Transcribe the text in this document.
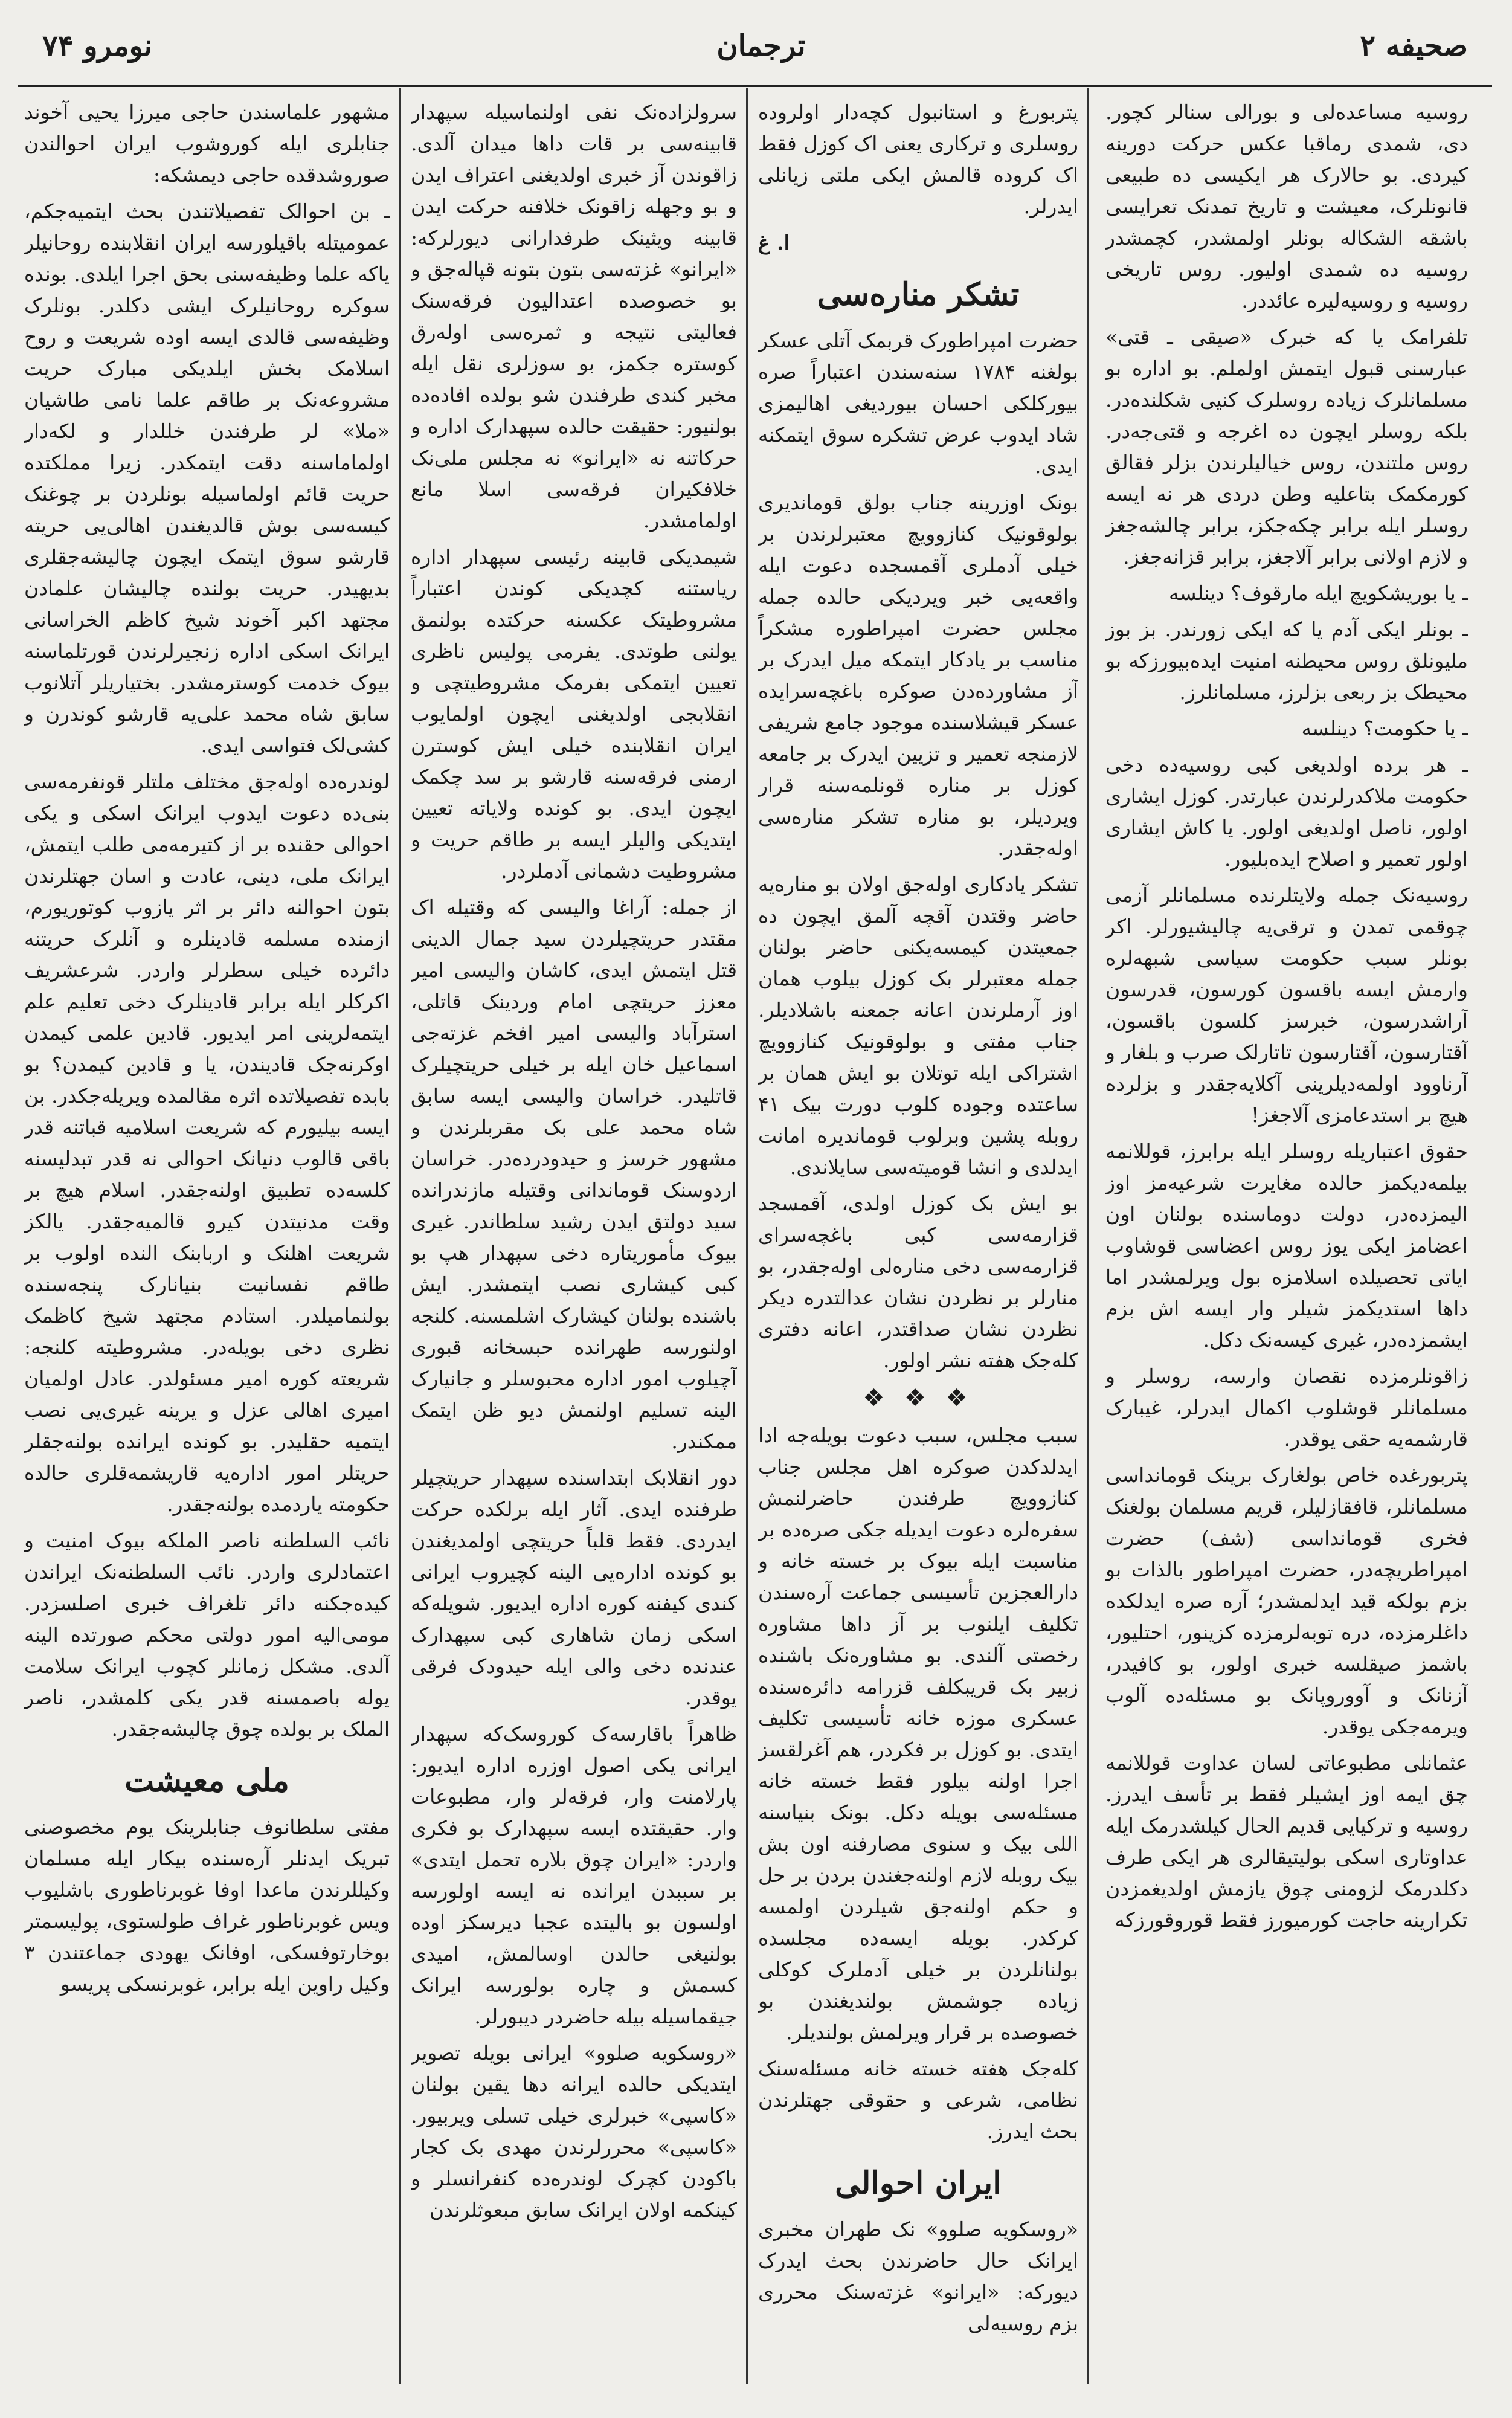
نومرو ۷۴	ترجمان	صحيفه ۲

روسیه مساعده‌لی و بورالی سنالر کچور. دی، شمدی رماقبا عکس حرکت دورینه کیردی. بو حالارک هر ایکیسی ده طبیعی قانونلرک، معیشت و تاریخ تمدنک تعرایسی باشقه الشکاله بونلر اولمشدر، کچمشدر روسیه ده شمدی اولیور. روس تاریخی روسیه و روسیه‌لیره عائددر.

تلفرامک یا که خبرک «صیقی ـ قتی» عبارسنی قبول ایتمش اولملم. بو اداره بو مسلمانلرک زیاده روسلرک کنیی شکلنده‌در. بلکه روسلر ایچون ده اغرجه و قتی‌جه‌در. روس ملتندن، روس خیالیلرندن بزلر فقالق کورمکمک بتاعلیه وطن دردی هر نه ایسه روسلر ایله برابر چکه‌جکز، برابر چالشه‌جغز و لازم اولانی برابر آلاجغز، برابر قزانه‌جغز.

ـ یا بوریشکویچ ایله مارقوف؟ دینلسه

ـ بونلر ایکی آدم یا که ایکی زورندر. بز بوز ملیونلق روس محیطنه امنیت ایده‌بیورزکه بو محیطک بز ربعی بزلرز، مسلمانلرز.

ـ یا حکومت؟ دینلسه

ـ هر برده اولدیغی کبی روسیه‌ده دخی حکومت ملاکدرلرندن عبارتدر. کوزل ایشاری اولور، ناصل اولدیغی اولور. یا کاش ایشاری اولور تعمیر و اصلاح ایده‌بلیور.

روسیه‌نک جمله ولایتلرنده مسلمانلر آزمی چوقمی تمدن و ترقی‌یه چالیشیورلر. اکر بونلر سبب حکومت سیاسی شبهه‌لره وارمش ایسه باقسون کورسون، قدرسون آراشدرسون، خبرسز کلسون باقسون، آقتارسون، آقتارسون تاتارلک صرب و بلغار و آرناوود اولمه‌دیلرینی آکلایه‌جقدر و بزلرده هیچ بر استدعا‌مزی آلاجغز!

حقوق اعتباریله روسلر ایله برابرز، قوللانمه بیلمه‌دیکمز حالده مغایرت شرعیه‌مز اوز الیمزده‌در، دولت دوماسنده بولنان اون اعضامز ایکی یوز روس اعضاسی قوشاوب ایاتی تحصیلده اسلامزه بول ویرلمشدر اما داها استدیکمز شیلر وار ایسه اش بزم ایشمزده‌در، غیری کیسه‌نک دکل.

زاقونلرمزده نقصان وارسه، روسلر و مسلمانلر قوشلوب اکمال ایدرلر، غیبارک قارشمه‌یه حقی یوقدر.

پتربورغده خاص بولغارک برینک قومانداسی مسلمانلر، قافقازلیلر، قریم مسلمان بولغنک فخری قومانداسی (شف) حضرت امپراطریچه‌در، حضرت امپراطور بالذات بو بزم بولکه قید ایدلمشدر؛ آره صره ایدلکده داغلرمزده، دره توبه‌لرمزده کزینور، احتلیور، باشمز صیقلسه خبری اولور، بو کافیدر، آزنانک و آووروپانک بو مسئله‌ده آلوب ویرمه‌جکی یوقدر.

عثمانلی مطبوعاتی لسان عداوت قوللانمه چق ایمه اوز ایشیلر فقط بر تأسف ایدرز. روسیه و ترکیا‌یی قدیم الحال کیلشدرمک ایله عداوتاری اسکی بولیتیقالری هر ایکی طرف دکلدرمک لزومنی چوق یازمش اولدیغمزدن تکرارینه حاجت کورمیورز فقط قوروقورزکه

پتربورغ و استانبول کچه‌دار اولروده روسلری و ترکاری یعنی اک کوزل فقط اک کروده قالمش ایکی ملتی زیانلی ایدرلر.

ا. غ
تشکر مناره‌سی

حضرت امپراطورک قربمک آتلی عسکر بولغنه ۱۷۸۴ سنه‌سندن اعتباراً صره بیورکلکی احسان بیوردیغی اهالیمزی شاد ایدوب عرض تشکره سوق ایتمکنه ایدی.

بونک اوزرینه جناب بولق قوماندیری بولوقونیک کنازوویچ معتبرلرندن بر خیلی آدملری آقمسجده دعوت ایله واقعه‌یی خبر ویردیکی حالده جمله مجلس حضرت امپراطوره مشکراً مناسب بر یادکار ایتمکه میل ایدرک بر آز مشاورده‌دن صوکره باغچه‌سرایده عسکر قیشلاسنده موجود جامع شریفی لازمنجه تعمیر و تزیین ایدرک بر جامعه کوزل بر مناره قونلمه‌سنه قرار ویردیلر، بو مناره تشکر مناره‌سی اوله‌جقدر.

تشکر یادکاری اوله‌جق اولان بو مناره‌یه حاضر وقتدن آقچه آلمق ایچون ده جمعیتدن کیمسه‌یکنی حاضر بولنان جمله معتبرلر بک کوزل بیلوب همان اوز آرملرندن اعانه جمعنه باشلادیلر. جناب مفتی و بولوقونیک کنازوویچ اشتراکی ایله توتلان بو ایش همان بر ساعتده وجوده کلوب دورت بیک ۴۱ روبله پشین وبرلوب قوماندیره امانت ایدلدی و انشا قومیته‌سی سایلاندی.

بو ایش بک کوزل اولدی، آقمسجد قزارمه‌سی کبی باغچه‌سرای قزارمه‌سی دخی مناره‌لی اوله‌جقدر، بو منارلر بر نظردن نشان عدالتدره دیکر نظردن نشان صداقتدر، اعانه دفتری کله‌جک هفته نشر اولور.

❖ ❖ ❖

سبب مجلس، سبب دعوت بویله‌جه ادا ایدلدکدن صوکره اهل مجلس جناب کنازوویچ طرفندن حاضرلنمش سفره‌لره دعوت ایدیله جکی صره‌ده بر مناسبت ایله بیوک بر خسته خانه و دارالعجزین تأسیسی جماعت آره‌سندن تکلیف ایلنوب بر آز داها مشاوره رخصتی آلندی. بو مشاوره‌نک باشنده زبیر بک قریبکلف قزرامه دائره‌سنده عسکری موزه خانه تأسیسی تکلیف ایتدی. بو کوزل بر فکردر، هم آغرلقسز اجرا اولنه بیلور فقط خسته خانه مسئله‌سی بویله دکل. بونک بنیاسنه اللی بیک و سنوی مصارفنه اون بش بیک روبله لازم اولنه‌جغندن بردن بر حل و حکم اولنه‌جق شیلردن اولمسه کرکدر. بویله ایسه‌ده مجلسده بولنانلردن بر خیلی آدملرک کوکلی زیاده جوشمش بولندیغندن بو خصوصده بر قرار ویرلمش بولندیلر.

کله‌جک هفته خسته خانه مسئله‌سنک نظامی، شرعی و حقوقی جهتلرندن بحث ایدرز.

ایران احوالی

«روسکویه صلوو» نک طهران مخبری ایرانک حال حاضرندن بحث ایدرک دیورکه: «ایرانو» غزته‌سنک محرری بزم روسیه‌لی

سرولزاده‌نک نفی اولنماسیله سپهدار قابینه‌سی بر قات داها میدان آلدی. زاقوندن آز خبری اولدیغنی اعتراف ایدن و بو وجهله زاقونک خلافنه حرکت ایدن قابینه ویثینک طرفدارانی دیورلرکه: «ایرانو» غزته‌سی بتون بتونه قپاله‌جق و بو خصوصده اعتدالیون فرقه‌سنک فعالیتی نتیجه و ثمره‌سی اوله‌رق کوستره جکمز، بو سوزلری نقل ایله مخبر کندی طرفندن شو بولده افاده‌ده بولنیور: حقیقت حالده سپهدارک اداره و حرکاتنه نه «ایرانو» نه مجلس ملی‌نک خلافکیران فرقه‌سی اسلا مانع اولمامشدر.

شیمدیکی قابینه رئیسی سپهدار اداره ریاستنه کچدیکی کوندن اعتباراً مشروطیتک عکسنه حرکتده بولنمق یولنی طوتدی. یفرمی پولیس ناظری تعیین ایتمکی بفرمک مشروطیتچی و انقلابجی اولدیغنی ایچون اولمایوب ایران انقلابنده خیلی ایش کوسترن ارمنی فرقه‌سنه قارشو بر سد چکمک ایچون ایدی. بو کونده ولایاته تعیین ایتدیکی والیلر ایسه بر طاقم حریت و مشروطیت دشمانی آدملردر.

از جمله: آراغا والیسی که وقتیله اک مقتدر حریتچیلردن سید جمال الدینی قتل ایتمش ایدی، کاشان والیسی امیر معزز حریتچی امام وردینک قاتلی، استرآباد والیسی امیر افخم غزته‌جی اسماعیل خان ایله بر خیلی حریتچیلرک قاتلیدر. خراسان والیسی ایسه سابق شاه محمد علی بک مقربلرندن و مشهور خرسز و حیدود‌رده‌در. خراسان اردوسنک قوماندانی وقتیله مازندرانده سید دولتق ایدن رشید سلطاندر. غیری بیوک مأموریتاره دخی سپهدار هپ بو کبی کیشاری نصب ایتمشدر. ایش باشنده بولنان کیشارک اشلمسنه. کلنجه اولنورسه طهرانده حبسخانه قبوری آچیلوب امور اداره محبوسلر و جانیارک الینه تسلیم اولنمش دیو ظن ایتمک ممکندر.

دور انقلابک ابتداسنده سپهدار حریتچیلر طرفنده ایدی. آثار ایله برلکده حرکت ایدردی. فقط قلباً حریتچی اولمدیغندن بو کونده اداره‌یی الینه کچیروب ایرانی کندی کیفنه کوره اداره ایدیور. شویله‌که اسکی زمان شاهاری کبی سپهدارک عندنده دخی والی ایله حیدودک فرقی یوقدر.

ظاهراً باقارسه‌ک کوروسک‌که سپهدار ایرانی یکی اصول اوزره اداره ایدیور: پارلامنت وار، فرقه‌لر وار، مطبوعات وار. حقیقتده ایسه سپهدارک بو فکری واردر: «ایران چوق بلاره تحمل ایتدی» بر سببدن ایرانده نه ایسه اولورسه اولسون بو بالیتده عجبا دیرسکز اوده بولنیغی حالدن اوسالمش، امیدی کسمش و چاره بولورسه ایرانک جیقماسیله بیله حاضردر دیبورلر.

«روسکویه صلوو» ایرانی بویله تصویر ایتدیکی حالده ایرانه دها یقین بولنان «کاسپی» خبرلری خیلی تسلی ویربیور. «کاسپی» محررلرندن مهدی بک کجار باکودن کچرک لوندره‌ده کنفرانسلر و کینکمه اولان ایرانک سابق مبعوثلرندن

مشهور علماسندن حاجی میرزا یحیی آخوند جنابلری ایله کوروشوب ایران احوالندن صوروشدقده حاجی دیمشکه:

ـ بن احوالک تفصیلاتندن بحث ایتمیه‌جکم، عمومیتله باقیلورسه ایران انقلابنده روحانیلر یاکه علما وظیفه‌سنی بحق اجرا ایلدی. بونده سوکره روحانیلرک ایشی دکلدر. بونلرک وظیفه‌سی قالدی ایسه اوده شریعت و روح اسلامک بخش ایلدیکی مبارک حریت مشروعه‌نک بر طاقم علما نامی طاشیان «ملا» لر طرفندن خللدار و لکه‌دار اولماماسنه دقت ایتمکدر. زیرا مملکتده حریت قائم اولماسیله بونلردن بر چوغنک کیسه‌سی بوش قالدیغندن اهالی‌یی حریته قارشو سوق ایتمک ایچون چالیشه‌جقلری بدیهیدر. حریت بولنده چالیشان علمادن مجتهد اکبر آخوند شیخ کاظم الخراسانی ایرانک اسکی اداره زنجیرلرندن قورتلماسنه بیوک خدمت کوسترمشدر. بختیاریلر آتلانوب سابق شاه محمد علی‌یه قارشو کوندرن و کشی‌لک فتواسی ایدی.

لوندره‌ده اوله‌جق مختلف ملتلر قونفرمه‌سی بنی‌ده دعوت ایدوب ایرانک اسکی و یکی احوالی حقنده بر از کتیرمه‌می طلب ایتمش، ایرانک ملی، دینی، عادت و اسان جهتلرندن بتون احوالنه دائر بر اثر یازوب کوتوریورم، ازمنده مسلمه قادینلره و آنلرک حریتنه دائرده خیلی سطرلر واردر. شرعشریف اکرکلر ایله برابر قادینلرک دخی تعلیم علم ایتمه‌لرینی امر ایدیور. قادین علمی کیمدن اوکرنه‌جک قادیندن، یا و قادین کیمدن؟ بو بابده تفصیلاتده اثره مقالمده ویریله‌جکدر. بن ایسه بیلیورم که شریعت اسلامیه قباتنه قدر باقی قالوب دنیانک احوالی نه قدر تبدلیسنه کلسه‌ده تطبیق اولنه‌جقدر. اسلام هیچ بر وقت مدنیتدن کیرو قالمیه‌جقدر. یالکز شریعت اهلنک و اربابنک النده اولوب بر طاقم نفسانیت بنیانارک پنجه‌سنده بولنمامیلدر. استادم مجتهد شیخ کاظمک نظری دخی بویله‌در. مشروطیته کلنجه: شریعته کوره امیر مسئولدر. عادل اولمیان امیری اهالی عزل و یرینه غیری‌یی نصب ایتمیه حقلیدر. بو کونده ایرانده بولنه‌جقلر حریتلر امور اداره‌یه قاریشمه‌قلری حالده حکومته یاردمده بولنه‌جقدر.

نائب السلطنه ناصر الملکه بیوک امنیت و اعتمادلری واردر. نائب السلطنه‌نک ایراندن کیده‌جکنه دائر تلغراف خبری اصلسزدر. مومی‌الیه امور دولتی محکم صورتده الینه آلدی. مشکل زمانلر کچوب ایرانک سلامت یوله باصمسنه قدر یکی کلمشدر، ناصر الملک بر بولده چوق چالیشه‌جقدر.

ملی معیشت

مفتی سلطانوف جنابلرینک یوم مخصوصنی تبریک ایدنلر آره‌سنده بیکار ایله مسلمان وکیللرندن ماعدا اوفا غوبرناطوری باشلیوب ویس غوبرناطور غراف طولستوی، پولیسمتر بوخارتوفسکی، اوفانک یهودی جماعتندن ۳ وکیل راوین ایله برابر، غوبرنسکی پریسو
